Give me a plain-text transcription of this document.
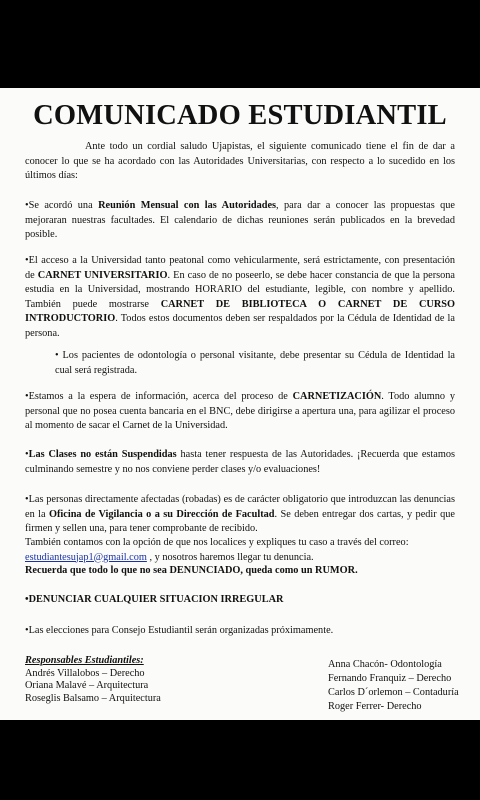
COMUNICADO ESTUDIANTIL

Ante todo un cordial saludo Ujapistas, el siguiente comunicado tiene el fin de dar a conocer lo que se ha acordado con las Autoridades Universitarias, con respecto a lo sucedido en los últimos días:

•Se acordó una Reunión Mensual con las Autoridades, para dar a conocer las propuestas que mejoraran nuestras facultades. El calendario de dichas reuniones serán publicados en la brevedad posible.

•El acceso a la Universidad tanto peatonal como vehicularmente, será estrictamente, con presentación de CARNET UNIVERSITARIO. En caso de no poseerlo, se debe hacer constancia de que la persona estudia en la Universidad, mostrando HORARIO del estudiante, legible, con nombre y apellido. También puede mostrarse CARNET DE BIBLIOTECA O CARNET DE CURSO INTRODUCTORIO. Todos estos documentos deben ser respaldados por la Cédula de Identidad de la persona.

• Los pacientes de odontología o personal visitante, debe presentar su Cédula de Identidad la cual será registrada.

•Estamos a la espera de información, acerca del proceso de CARNETIZACIÓN. Todo alumno y personal que no posea cuenta bancaria en el BNC, debe dirigirse a apertura una, para agilizar el proceso al momento de sacar el Carnet de la Universidad.

•Las Clases no están Suspendidas hasta tener respuesta de las Autoridades. ¡Recuerda que estamos culminando semestre y no nos conviene perder clases y/o evaluaciones!

•Las personas directamente afectadas (robadas) es de carácter obligatorio que introduzcan las denuncias en la Oficina de Vigilancia o a su Dirección de Facultad. Se deben entregar dos cartas, y pedir que firmen y sellen una, para tener comprobante de recibido.

También contamos con la opción de que nos localices y expliques tu caso a través del correo:
estudiantesujap1@gmail.com , y nosotros haremos llegar tu denuncia.

Recuerda que todo lo que no sea DENUNCIADO, queda como un RUMOR.

•DENUNCIAR CUALQUIER SITUACION IRREGULAR

•Las elecciones para Consejo Estudiantil serán organizadas próximamente.

Responsables Estudiantiles:
Andrés Villalobos – Derecho
Oriana Malavé – Arquitectura
Roseglis Balsamo – Arquitectura
Anna Chacón- Odontología
Fernando Franquiz – Derecho
Carlos D´orlemon – Contaduría
Roger Ferrer- Derecho
